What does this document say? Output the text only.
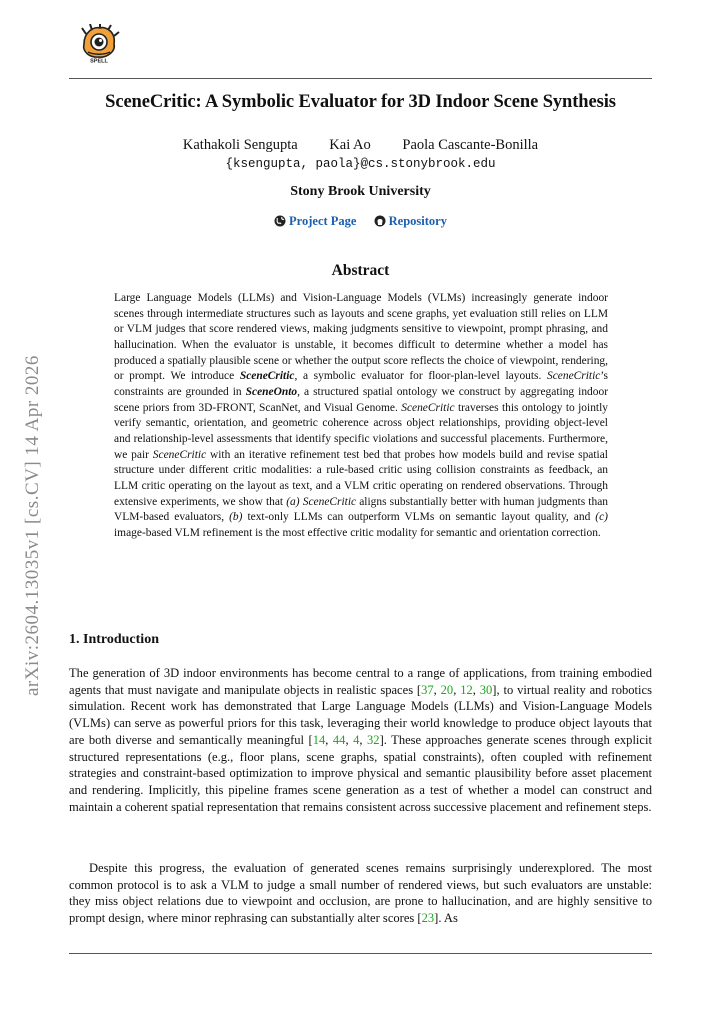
SPELL
SceneCritic: A Symbolic Evaluator for 3D Indoor Scene Synthesis
Kathakoli Sengupta Kai Ao Paola Cascante-Bonilla
{ksengupta, paola}@cs.stonybrook.edu
Stony Brook University
Project Page	Repository
arXiv:2604.13035v1 [cs.CV] 14 Apr 2026
Abstract
Large Language Models (LLMs) and Vision-Language Models (VLMs) increasingly generate indoor scenes through intermediate structures such as layouts and scene graphs, yet evaluation still relies on LLM or VLM judges that score rendered views, making judgments sensitive to viewpoint, prompt phrasing, and hallucination. When the evaluator is unstable, it becomes difficult to determine whether a model has produced a spatially plausible scene or whether the output score reflects the choice of viewpoint, rendering, or prompt. We introduce SceneCritic, a symbolic evaluator for floor-plan-level layouts. SceneCritic’s constraints are grounded in SceneOnto, a structured spatial ontology we construct by aggregating indoor scene priors from 3D-FRONT, ScanNet, and Visual Genome. SceneCritic traverses this ontology to jointly verify semantic, orientation, and geometric coherence across object relationships, providing object-level and relationship-level assessments that identify specific violations and successful placements. Furthermore, we pair SceneCritic with an iterative refinement test bed that probes how models build and revise spatial structure under different critic modalities: a rule-based critic using collision constraints as feedback, an LLM critic operating on the layout as text, and a VLM critic operating on rendered observations. Through extensive experiments, we show that (a) SceneCritic aligns substantially better with human judgments than VLM-based evaluators, (b) text-only LLMs can outperform VLMs on semantic layout quality, and (c) image-based VLM refinement is the most effective critic modality for semantic and orientation correction.
1. Introduction
The generation of 3D indoor environments has become central to a range of applications, from training embodied agents that must navigate and manipulate objects in realistic spaces [37, 20, 12, 30], to virtual reality and robotics simulation. Recent work has demonstrated that Large Language Models (LLMs) and Vision-Language Models (VLMs) can serve as powerful priors for this task, leveraging their world knowledge to produce object layouts that are both diverse and semantically meaningful [14, 44, 4, 32]. These approaches generate scenes through explicit structured representations (e.g., floor plans, scene graphs, spatial constraints), often coupled with refinement strategies and constraint-based optimization to improve physical and semantic plausibility before asset placement and rendering. Implicitly, this pipeline frames scene generation as a test of whether a model can construct and maintain a coherent spatial representation that remains consistent across successive placement and refinement steps.
Despite this progress, the evaluation of generated scenes remains surprisingly underexplored. The most common protocol is to ask a VLM to judge a small number of rendered views, but such evaluators are unstable: they miss object relations due to viewpoint and occlusion, are prone to hallucination, and are highly sensitive to prompt design, where minor rephrasing can substantially alter scores [23]. As
